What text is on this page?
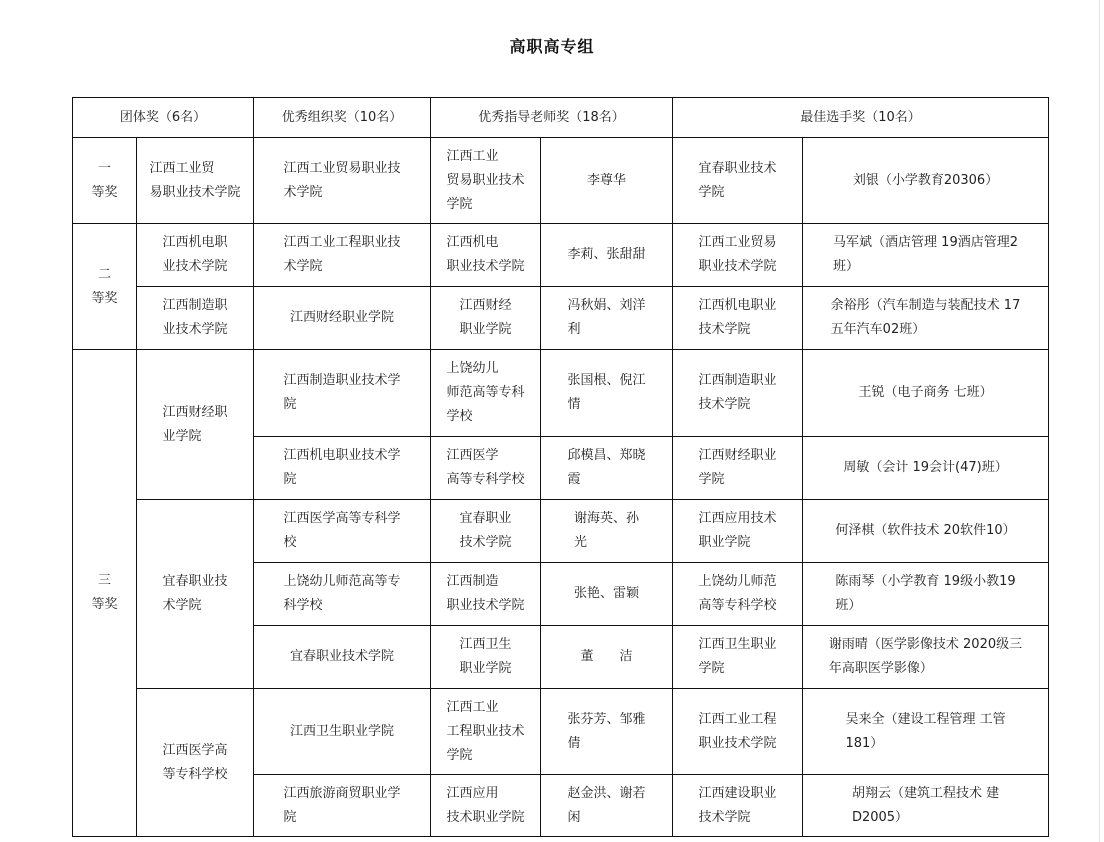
高职高专组
团体奖（6名）		优秀组织奖（10名）	优秀指导老师奖（18名）		最佳选手奖（10名）	
一
等奖	江西工业贸
易职业技术学院	江西工业贸易职业技
术学院	江西工业
贸易职业技术
学院	李尊华	宜春职业技术
学院	刘银（小学教育20306）
二
等奖	江西机电职
业技术学院	江西工业工程职业技
术学院	江西机电
职业技术学院	李莉、张甜甜	江西工业贸易
职业技术学院	马军斌（酒店管理 19酒店管理2
班）
	江西制造职
业技术学院	江西财经职业学院	江西财经
职业学院	冯秋娟、刘洋
利	江西机电职业
技术学院	余裕彤（汽车制造与装配技术 17
五年汽车02班）
三
等奖	江西财经职
业学院	江西制造职业技术学
院	上饶幼儿
师范高等专科
学校	张国根、倪江
情	江西制造职业
技术学院	王锐（电子商务 七班）
		江西机电职业技术学
院	江西医学
高等专科学校	邱模昌、郑晓
霞	江西财经职业
学院	周敏（会计 19会计(47)班）
	宜春职业技
术学院	江西医学高等专科学
校	宜春职业
技术学院	谢海英、孙
光	江西应用技术
职业学院	何泽棋（软件技术 20软件10）
		上饶幼儿师范高等专
科学校	江西制造
职业技术学院	张艳、雷颖	上饶幼儿师范
高等专科学校	陈雨琴（小学教育 19级小教19
班）
		宜春职业技术学院	江西卫生
职业学院	董　　洁	江西卫生职业
学院	谢雨晴（医学影像技术 2020级三
年高职医学影像）
	江西医学高
等专科学校	江西卫生职业学院	江西工业
工程职业技术
学院	张芬芳、邹雅
倩	江西工业工程
职业技术学院	吴来全（建设工程管理 工管
181）
		江西旅游商贸职业学
院	江西应用
技术职业学院	赵金洪、谢若
闲	江西建设职业
技术学院	胡翔云（建筑工程技术 建
D2005）
